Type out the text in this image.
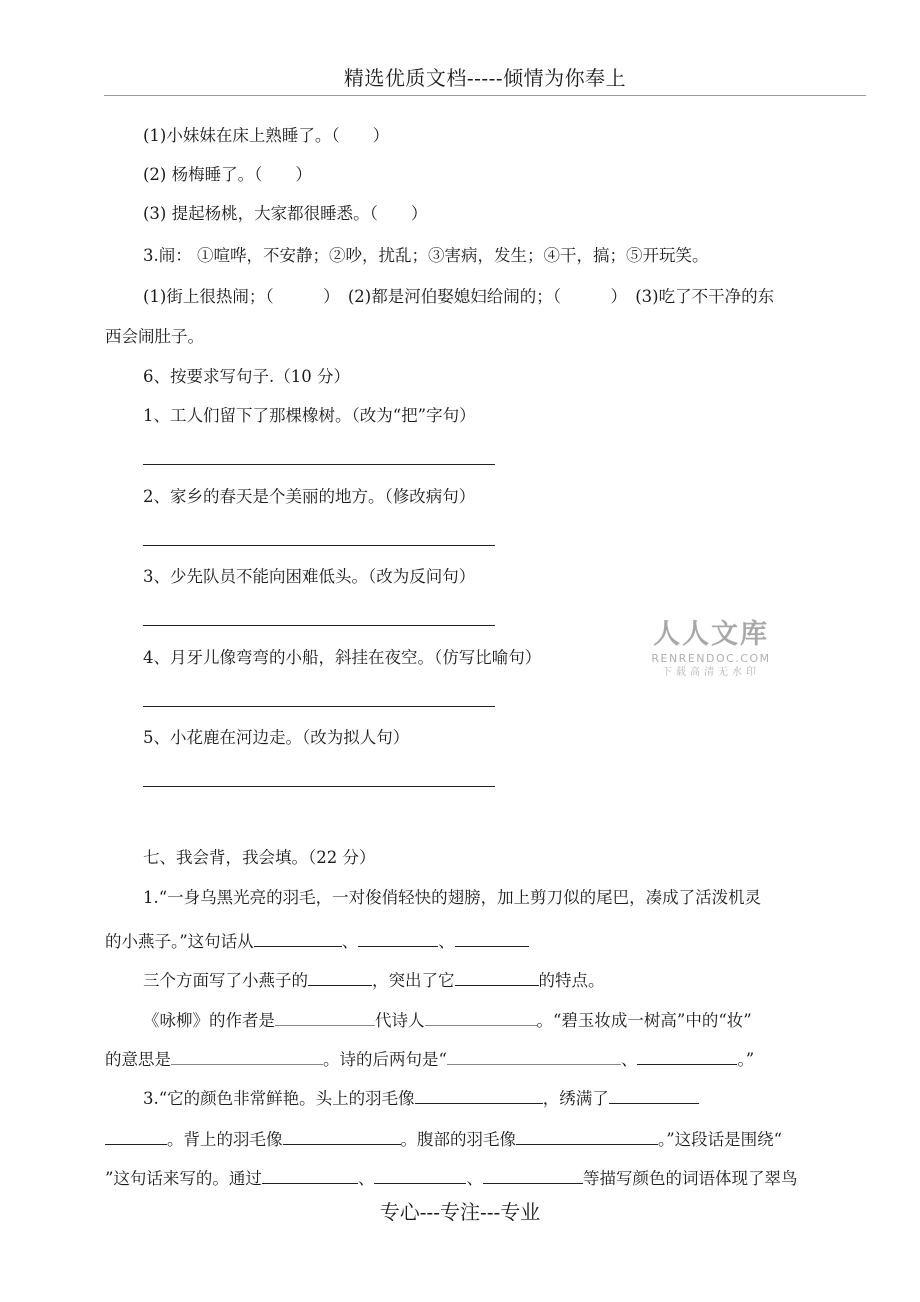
精选优质文档-----倾情为你奉上
(1)小妹妹在床上熟睡了。（　　）
(2) 杨梅睡了。（　　）
(3) 提起杨桃，大家都很睡悉。（　　）
3.闹： ①喧哗，不安静；②吵，扰乱；③害病，发生；④干，搞；⑤开玩笑。
(1)街上很热闹；（　　　）　(2)都是河伯娶媳妇给闹的；（　　　）　(3)吃了不干净的东
西会闹肚子。
6、按要求写句子.（10 分）
1、工人们留下了那棵橡树。（改为“把”字句）
2、家乡的春天是个美丽的地方。（修改病句）
3、少先队员不能向困难低头。（改为反问句）
4、月牙儿像弯弯的小船，斜挂在夜空。（仿写比喻句）
5、小花鹿在河边走。（改为拟人句）
人人文库
RENRENDOC.COM
下载高清无水印
七、我会背，我会填。（22 分）
1.“一身乌黑光亮的羽毛，一对俊俏轻快的翅膀，加上剪刀似的尾巴，凑成了活泼机灵
的小燕子。”这句话从	、	、
三个方面写了小燕子的	，突出了它	的特点。
《咏柳》的作者是	代诗人	。“碧玉妆成一树高”中的“妆”
的意思是	。诗的后两句是“	、	。”
3.“它的颜色非常鲜艳。头上的羽毛像	，绣满了
。背上的羽毛像	。腹部的羽毛像	。”这段话是围绕“
”这句话来写的。通过	、	、	等描写颜色的词语体现了翠鸟
专心---专注---专业
